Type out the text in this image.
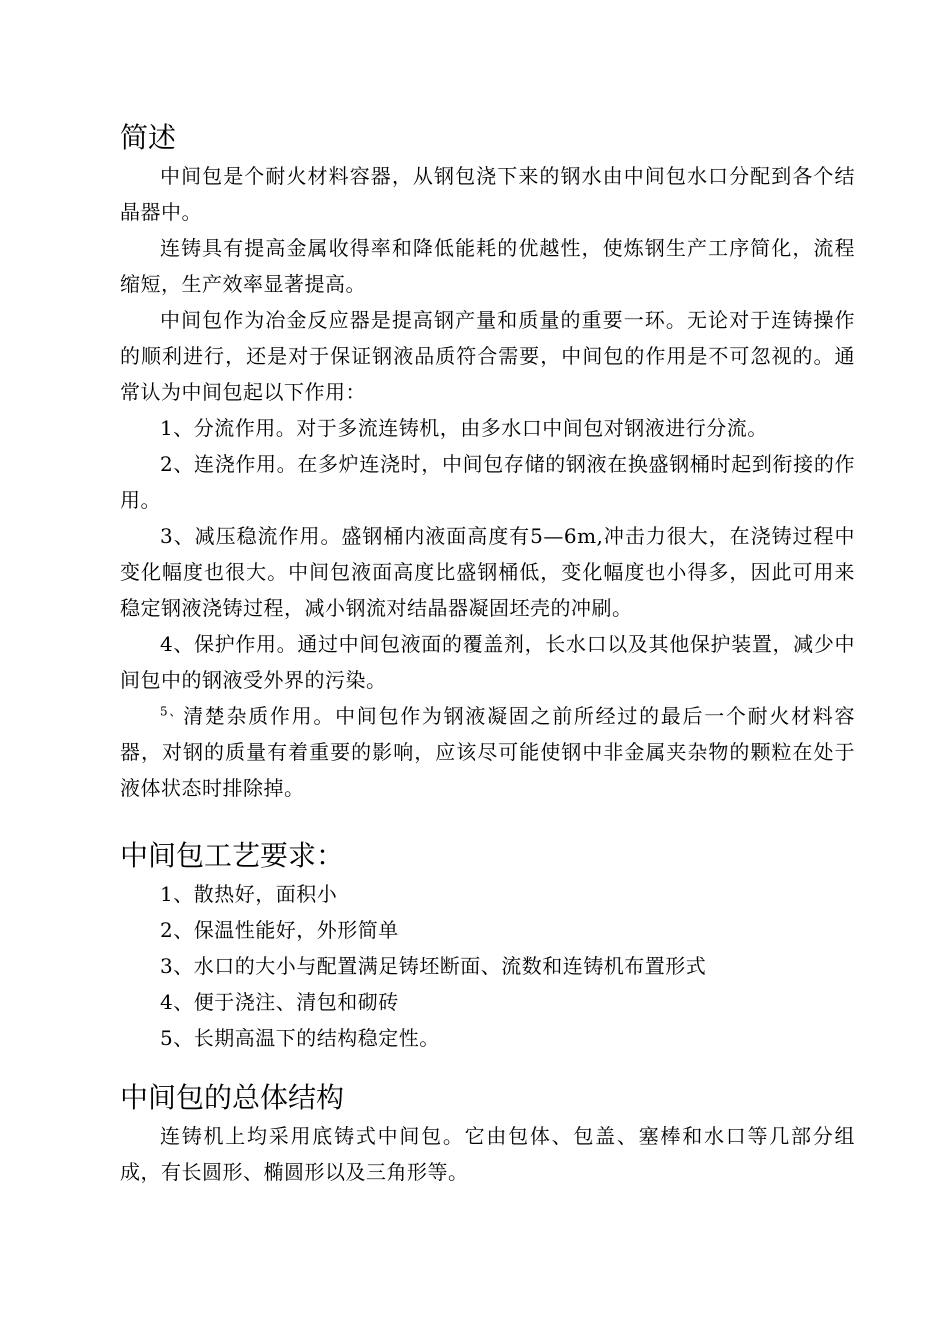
简述

中间包是个耐火材料容器，从钢包浇下来的钢水由中间包水口分配到各个结晶器中。

连铸具有提高金属收得率和降低能耗的优越性，使炼钢生产工序简化，流程缩短，生产效率显著提高。

中间包作为冶金反应器是提高钢产量和质量的重要一环。无论对于连铸操作的顺利进行，还是对于保证钢液品质符合需要，中间包的作用是不可忽视的。通常认为中间包起以下作用：

1、分流作用。对于多流连铸机，由多水口中间包对钢液进行分流。

2、连浇作用。在多炉连浇时，中间包存储的钢液在换盛钢桶时起到衔接的作用。

3、减压稳流作用。盛钢桶内液面高度有5—6m,冲击力很大，在浇铸过程中变化幅度也很大。中间包液面高度比盛钢桶低，变化幅度也小得多，因此可用来稳定钢液浇铸过程，减小钢流对结晶器凝固坯壳的冲刷。

4、保护作用。通过中间包液面的覆盖剂，长水口以及其他保护装置，减少中间包中的钢液受外界的污染。

$^{5、}$清楚杂质作用。中间包作为钢液凝固之前所经过的最后一个耐火材料容器，对钢的质量有着重要的影响，应该尽可能使钢中非金属夹杂物的颗粒在处于液体状态时排除掉。

中间包工艺要求：

1、散热好，面积小

2、保温性能好，外形简单

3、水口的大小与配置满足铸坯断面、流数和连铸机布置形式

4、便于浇注、清包和砌砖

5、长期高温下的结构稳定性。

中间包的总体结构

连铸机上均采用底铸式中间包。它由包体、包盖、塞棒和水口等几部分组成，有长圆形、椭圆形以及三角形等。
